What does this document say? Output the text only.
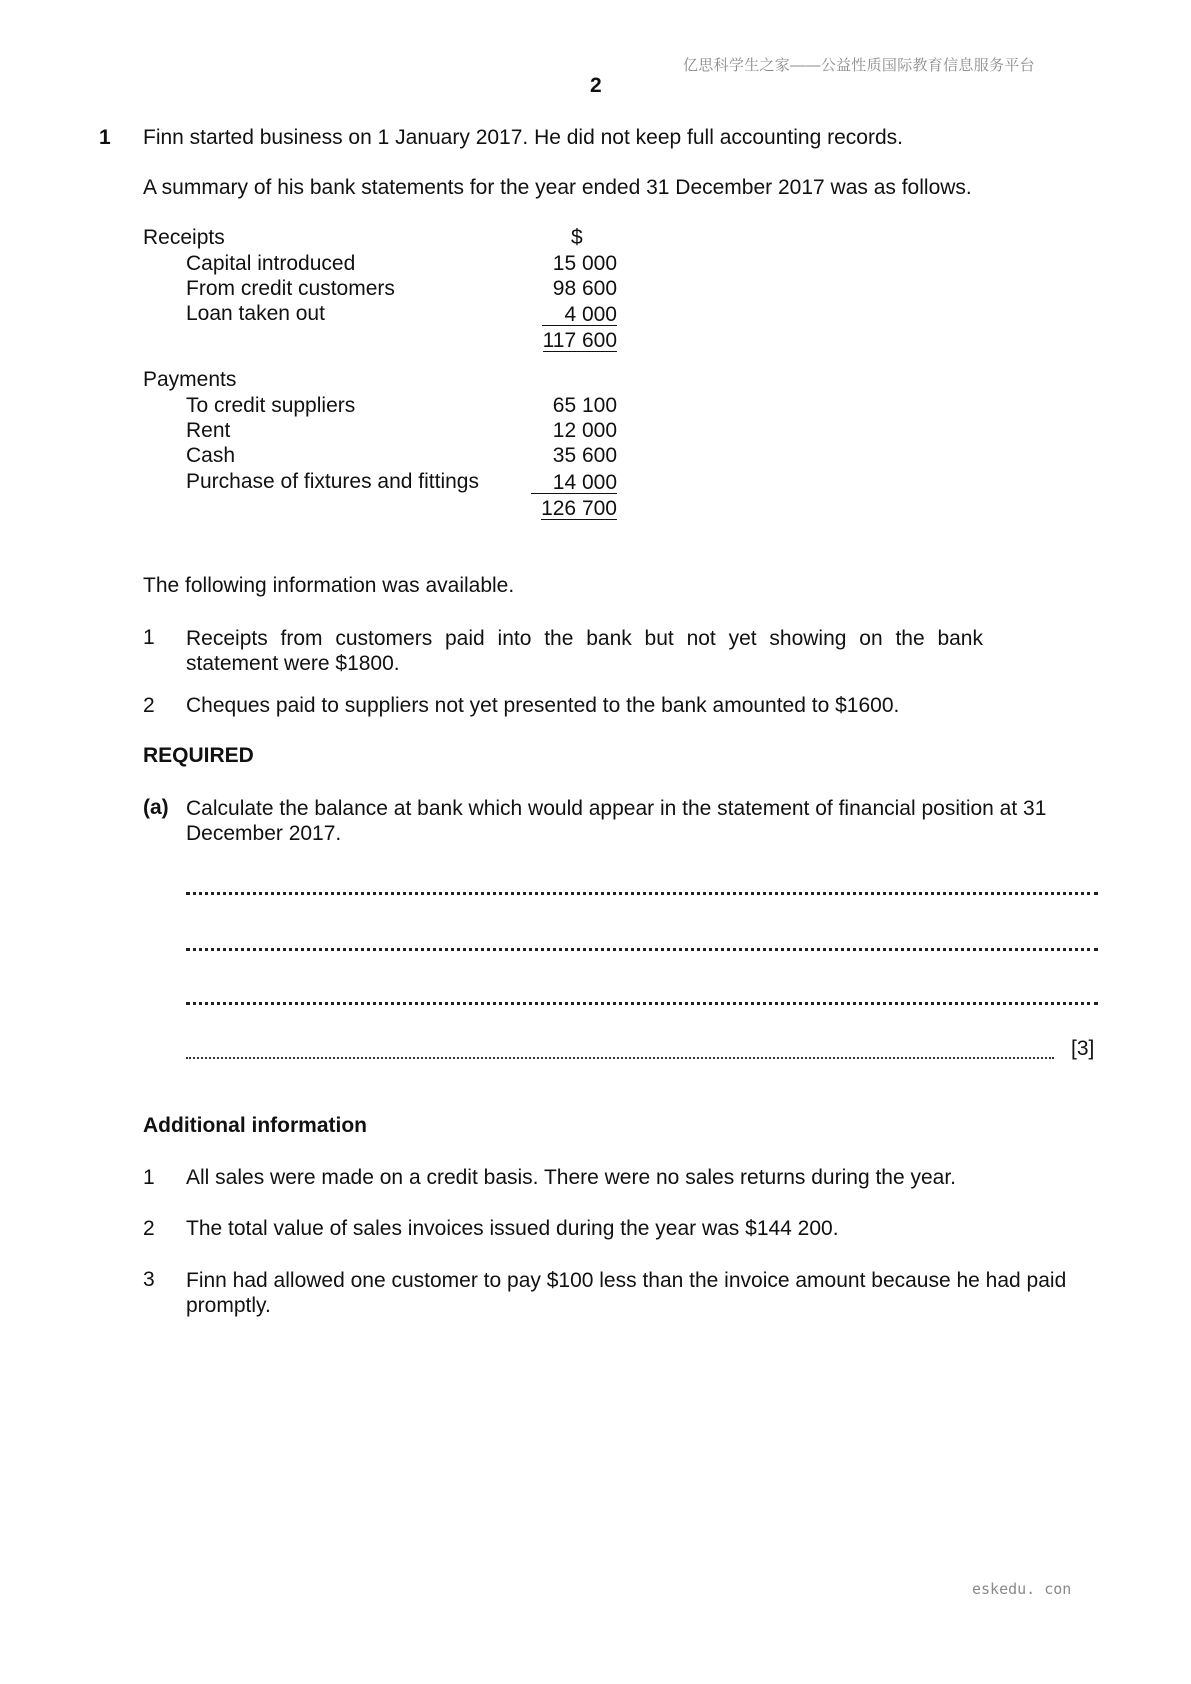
亿思科学生之家——公益性质国际教育信息服务平台
2
1 Finn started business on 1 January 2017. He did not keep full accounting records.
A summary of his bank statements for the year ended 31 December 2017 was as follows.
Receipts	$
Capital introduced	15 000
From credit customers	98 600
Loan taken out	4 000
117 600
Payments
To credit suppliers	65 100
Rent	12 000
Cash	35 600
Purchase of fixtures and fittings	14 000
126 700
The following information was available.
1 Receipts from customers paid into the bank but not yet showing on the bank statement were $1800.
2 Cheques paid to suppliers not yet presented to the bank amounted to $1600.
REQUIRED
(a) Calculate the balance at bank which would appear in the statement of financial position at 31 December 2017.
[3]
Additional information
1 All sales were made on a credit basis. There were no sales returns during the year.
2 The total value of sales invoices issued during the year was $144 200.
3 Finn had allowed one customer to pay $100 less than the invoice amount because he had paid promptly.
eskedu. con
